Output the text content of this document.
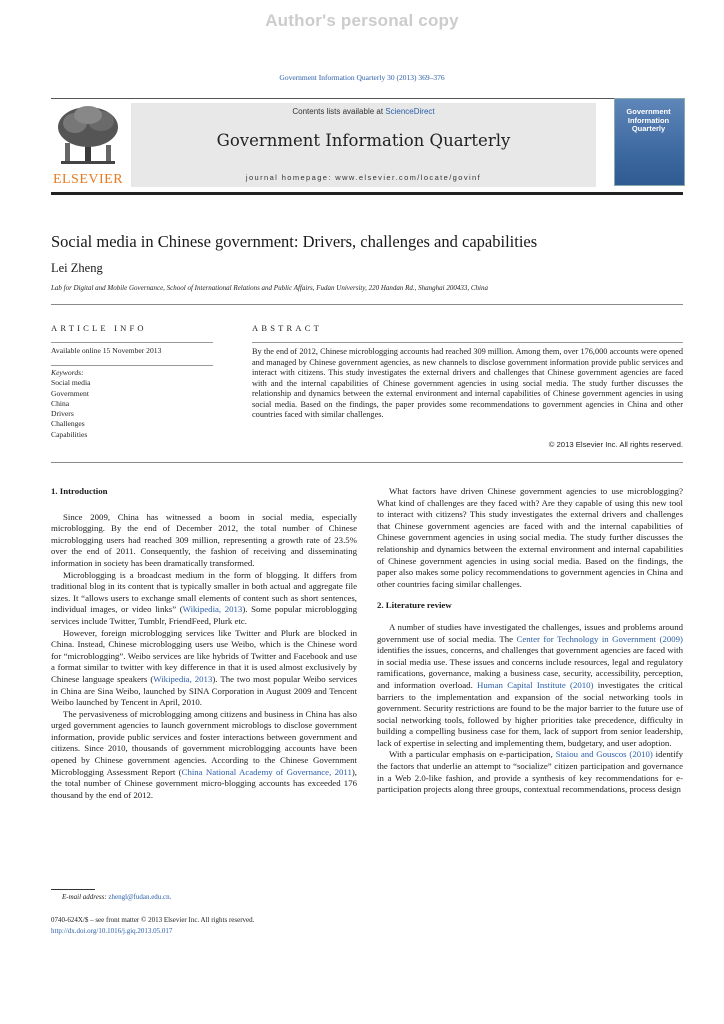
Author's personal copy
Government Information Quarterly 30 (2013) 369–376
ELSEVIER
Contents lists available at ScienceDirect
Government Information Quarterly
journal homepage: www.elsevier.com/locate/govinf
Government
Information
Quarterly
Social media in Chinese government: Drivers, challenges and capabilities
Lei Zheng
Lab for Digital and Mobile Governance, School of International Relations and Public Affairs, Fudan University, 220 Handan Rd., Shanghai 200433, China
ARTICLE INFO
Available online 15 November 2013
Keywords:
Social media
Government
China
Drivers
Challenges
Capabilities
ABSTRACT
By the end of 2012, Chinese microblogging accounts had reached 309 million. Among them, over 176,000 accounts were opened and managed by Chinese government agencies, as new channels to disclose government information provide public services and interact with citizens. This study investigates the external drivers and challenges that Chinese government agencies are faced with and the internal capabilities of Chinese government agencies in using social media. The study further discusses the relationship and dynamics between the external environment and internal capabilities of Chinese government agencies in using social media. Based on the findings, the paper provides some recommendations to government agencies in China and other countries faced with similar challenges.
© 2013 Elsevier Inc. All rights reserved.
1. Introduction

Since 2009, China has witnessed a boom in social media, especially microblogging. By the end of December 2012, the total number of Chinese microblogging users had reached 309 million, representing a growth rate of 23.5% over the end of 2011. Consequently, the fashion of receiving and disseminating information in society has been dramatically transformed.

Microblogging is a broadcast medium in the form of blogging. It differs from traditional blog in its content that is typically smaller in both actual and aggregate file sizes. It “allows users to exchange small elements of content such as short sentences, individual images, or video links” (Wikipedia, 2013). Some popular microblogging services include Twitter, Tumblr, FriendFeed, Plurk etc.

However, foreign microblogging services like Twitter and Plurk are blocked in China. Instead, Chinese microblogging users use Weibo, which is the Chinese word for “microblogging”. Weibo services are like hybrids of Twitter and Facebook and use a format similar to twitter with key difference in that it is used almost exclusively by Chinese language speakers (Wikipedia, 2013). The two most popular Weibo services in China are Sina Weibo, launched by SINA Corporation in August 2009 and Tencent Weibo launched by Tencent in April, 2010.

The pervasiveness of microblogging among citizens and business in China has also urged government agencies to launch government microblogs to disclose government information, provide public services and foster interactions between government and citizens. Since 2010, thousands of government microblogging accounts have been opened by Chinese government agencies. According to the Chinese Government Microblogging Assessment Report (China National Academy of Governance, 2011), the total number of Chinese government micro-blogging accounts has exceeded 176 thousand by the end of 2012.

What factors have driven Chinese government agencies to use microblogging? What kind of challenges are they faced with? Are they capable of using this new tool to interact with citizens? This study investigates the external drivers and challenges that Chinese government agencies are faced with and the internal capabilities of Chinese government agencies in using social media. The study further discusses the relationship and dynamics between the external environment and internal capabilities of Chinese government agencies in using social media. Based on the findings, the paper also makes some policy recommendations to government agencies in China and other countries facing similar challenges.

2. Literature review

A number of studies have investigated the challenges, issues and problems around government use of social media. The Center for Technology in Government (2009) identifies the issues, concerns, and challenges that government agencies are faced with in social media use. These issues and concerns include resources, legal and regulatory ramifications, governance, making a business case, security, accessibility, perception, and information overload. Human Capital Institute (2010) investigates the critical barriers to the implementation and expansion of the social networking tools in government. Security restrictions are found to be the major barrier to the future use of social networking tools, followed by higher priorities take precedence, difficulty in building a compelling business case for them, lack of support from senior leadership, lack of expertise in selecting and implementing them, budgetary, and user adoption.

With a particular emphasis on e-participation, Staiou and Gouscos (2010) identify the factors that underlie an attempt to “socialize” citizen participation and governance in a Web 2.0-like fashion, and provide a synthesis of key recommendations for e-participation projects along three groups, contextual recommendations, process design

E-mail address: zhengl@fudan.edu.cn.
0740-624X/$ – see front matter © 2013 Elsevier Inc. All rights reserved.
http://dx.doi.org/10.1016/j.giq.2013.05.017
